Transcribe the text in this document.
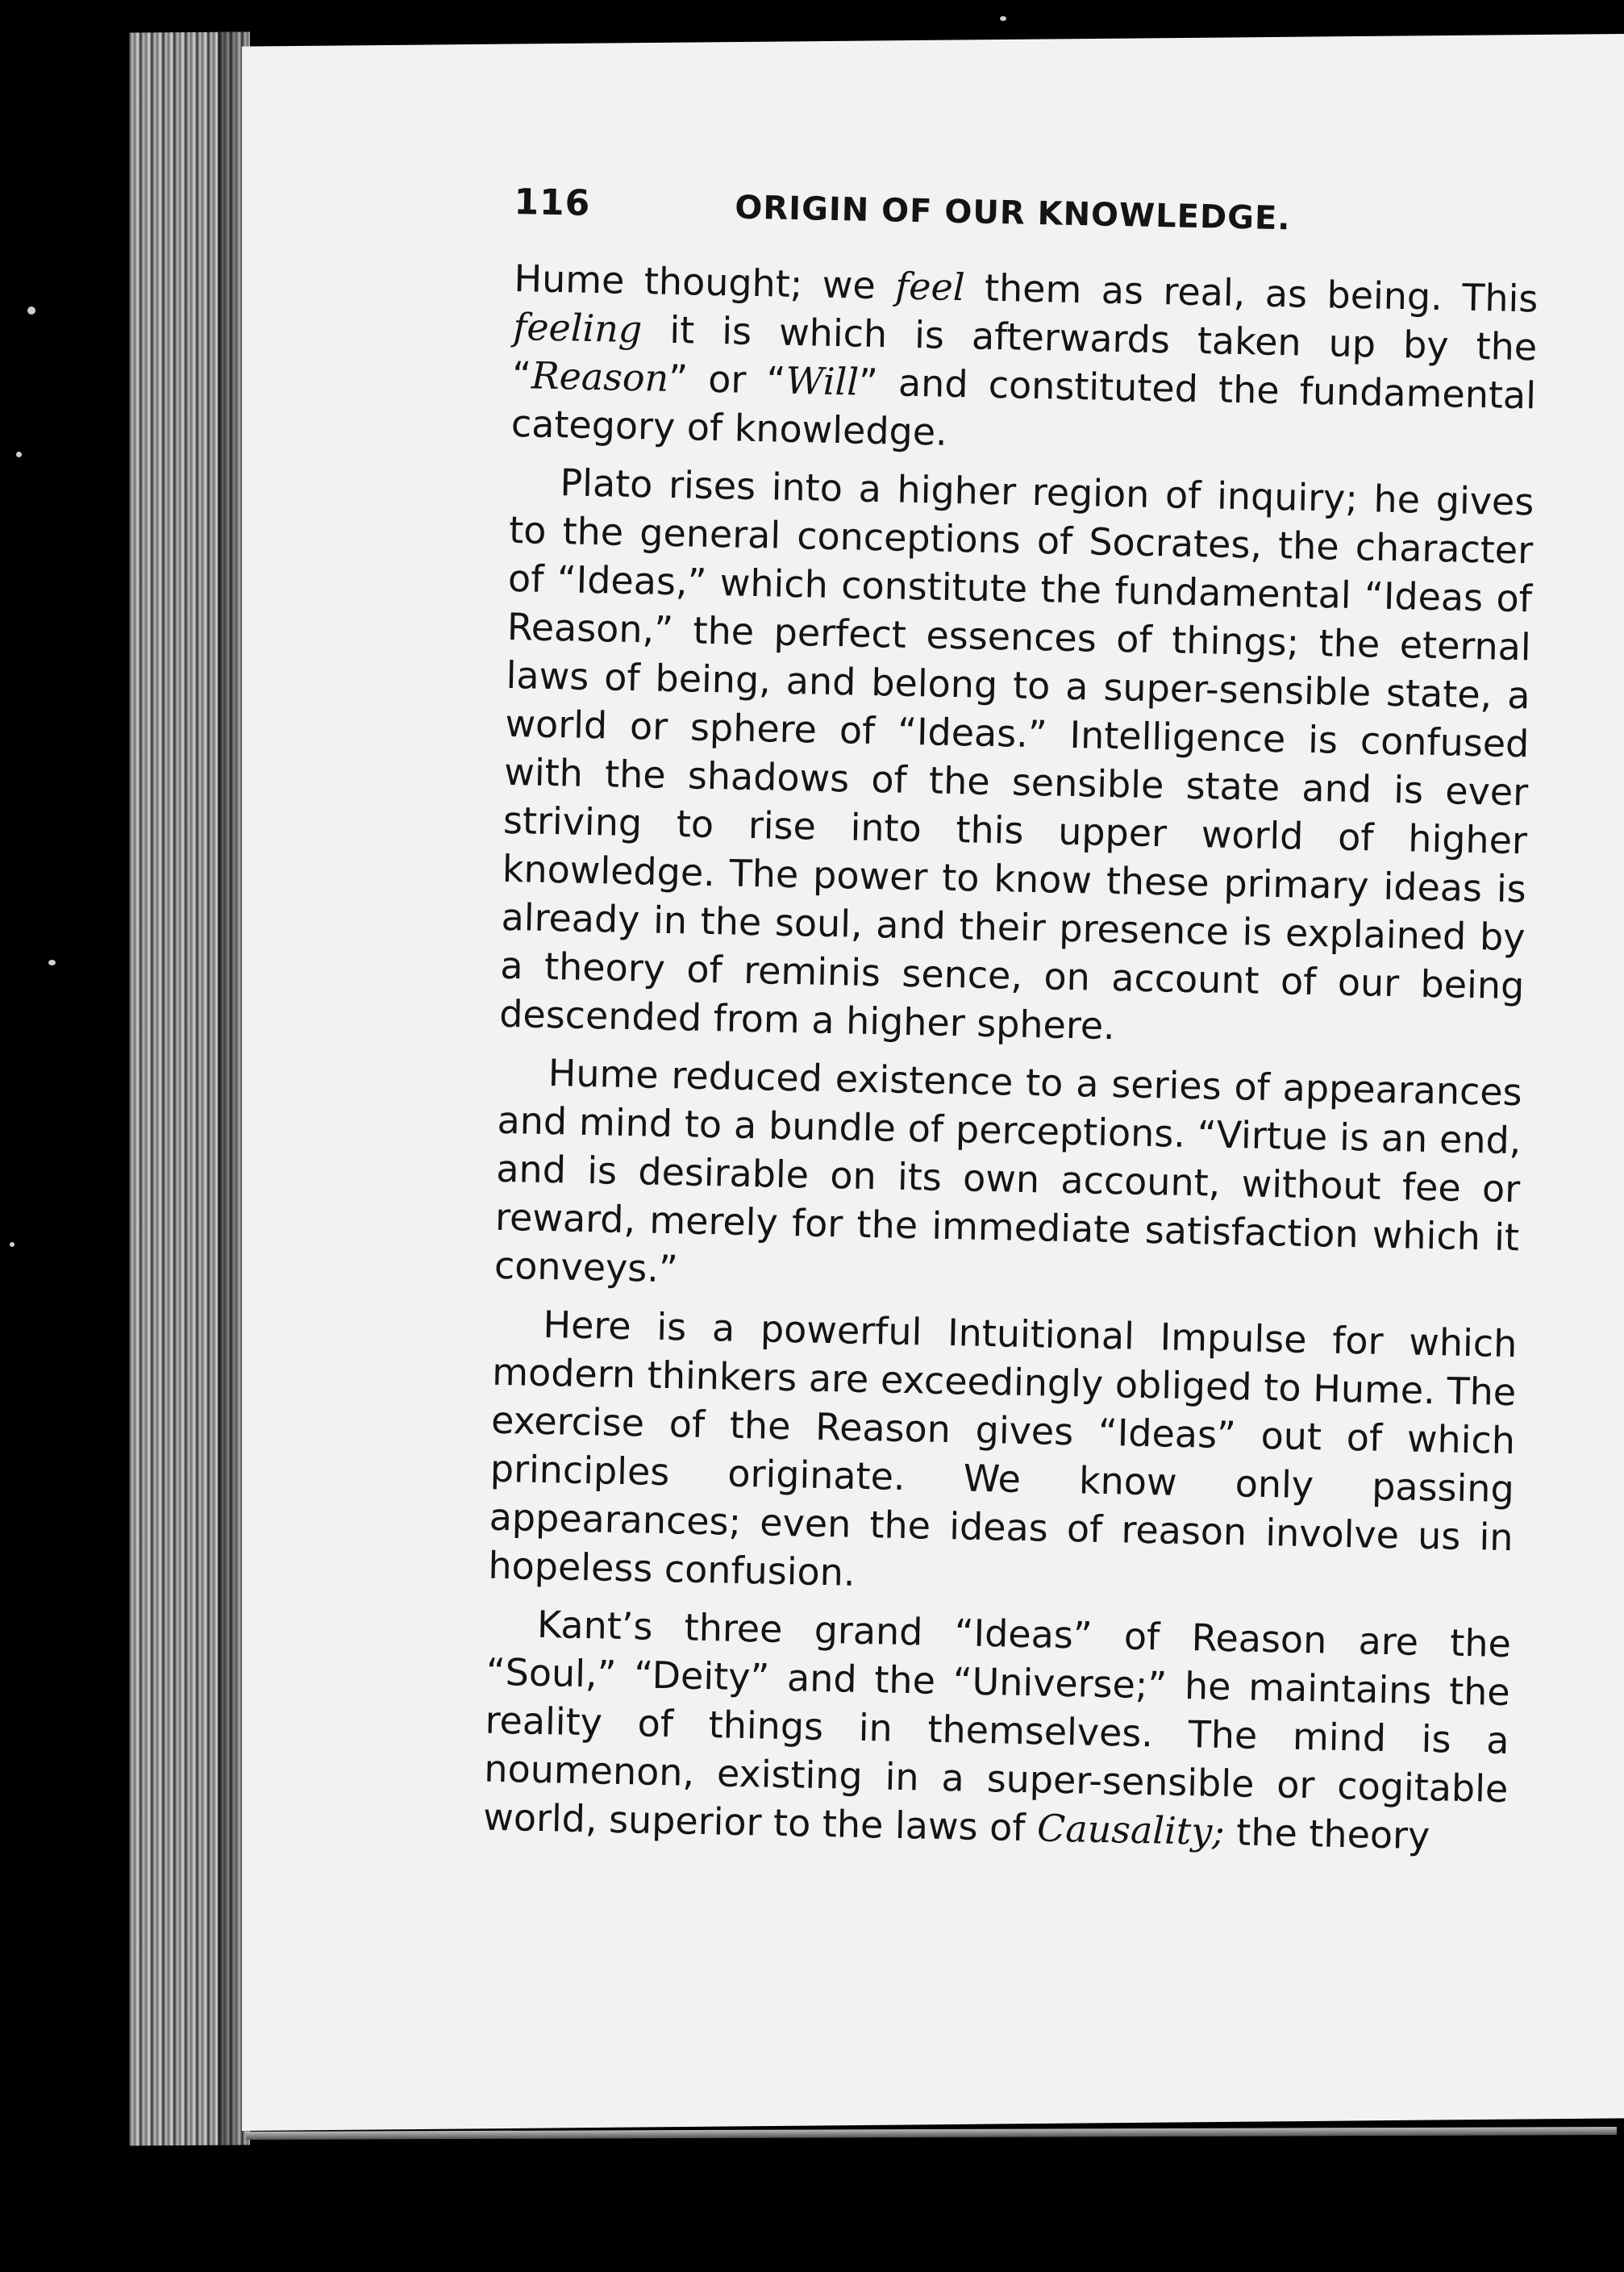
116	ORIGIN OF OUR KNOWLEDGE.

Hume thought; we feel them as real, as being. This feeling it is which is afterwards taken up by the “Reason” or “Will” and constituted the fundamental category of knowledge.

Plato rises into a higher region of inquiry; he gives to the general conceptions of Socrates, the character of “Ideas,” which constitute the fundamental “Ideas of Reason,” the perfect essences of things; the eternal laws of being, and belong to a super-sensible state, a world or sphere of “Ideas.” Intelligence is confused with the shadows of the sensible state and is ever striving to rise into this upper world of higher knowledge. The power to know these primary ideas is already in the soul, and their presence is explained by a theory of reminis sence, on account of our being descended from a higher sphere.

Hume reduced existence to a series of appearances and mind to a bundle of perceptions. “Virtue is an end, and is desirable on its own account, without fee or reward, merely for the immediate satisfaction which it conveys.”

Here is a powerful Intuitional Impulse for which modern thinkers are exceedingly obliged to Hume. The exercise of the Reason gives “Ideas” out of which principles originate. We know only passing appearances; even the ideas of reason involve us in hopeless confusion.

Kant’s three grand “Ideas” of Reason are the “Soul,” “Deity” and the “Universe;” he maintains the reality of things in themselves. The mind is a noumenon, existing in a super-sensible or cogitable world, superior to the laws of Causality; the theory
